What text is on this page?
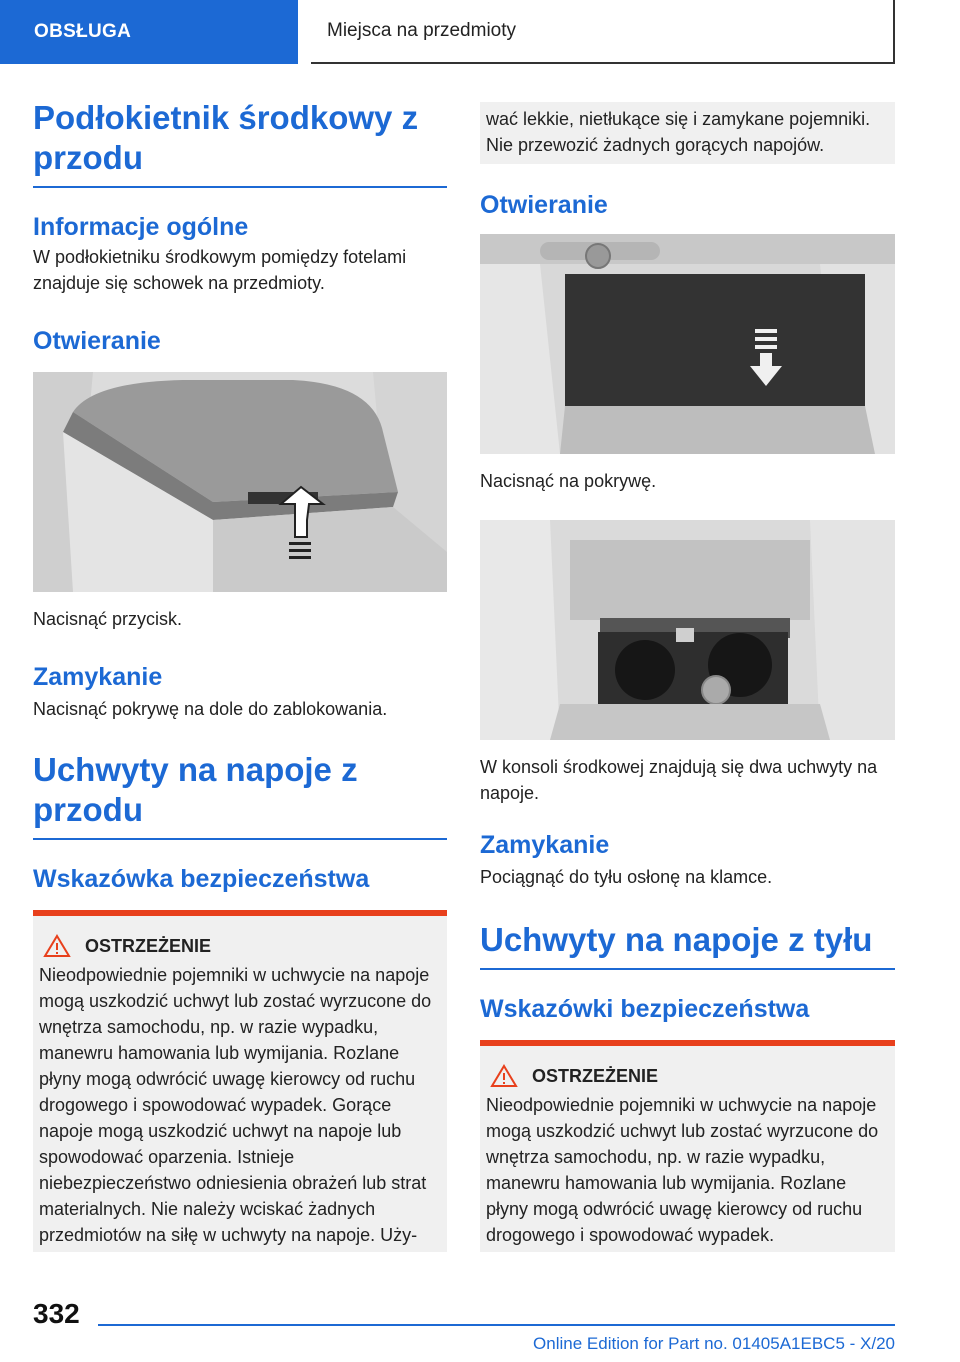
OBSŁUGA	Miejsca na przedmioty
Podłokietnik środkowy z przodu
Informacje ogólne

W podłokietniku środkowym pomiędzy fotelami znajduje się schowek na przedmioty.

Otwieranie

Nacisnąć przycisk.

Zamykanie

Nacisnąć pokrywę na dole do zablokowania.

Uchwyty na napoje z przodu
Wskazówka bezpieczeństwa
OSTRZEŻENIE

Nieodpowiednie pojemniki w uchwycie na napoje mogą uszkodzić uchwyt lub zostać wyrzucone do wnętrza samochodu, np. w razie wypadku, manewru hamowania lub wymijania. Rozlane płyny mogą odwrócić uwagę kierowcy od ruchu drogowego i spowodować wypadek. Gorące napoje mogą uszkodzić uchwyt na napoje lub spowodować oparzenia. Istnieje niebezpieczeństwo odniesienia obrażeń lub strat materialnych. Nie należy wciskać żadnych przedmiotów na siłę w uchwyty na napoje. Uży-

wać lekkie, nietłukące się i zamykane pojemniki. Nie przewozić żadnych gorących napojów.

Otwieranie

Nacisnąć na pokrywę.

W konsoli środkowej znajdują się dwa uchwyty na napoje.

Zamykanie

Pociągnąć do tyłu osłonę na klamce.

Uchwyty na napoje z tyłu
Wskazówki bezpieczeństwa
OSTRZEŻENIE

Nieodpowiednie pojemniki w uchwycie na napoje mogą uszkodzić uchwyt lub zostać wyrzucone do wnętrza samochodu, np. w razie wypadku, manewru hamowania lub wymijania. Rozlane płyny mogą odwrócić uwagę kierowcy od ruchu drogowego i spowodować wypadek.

332
Online Edition for Part no. 01405A1EBC5 - X/20
